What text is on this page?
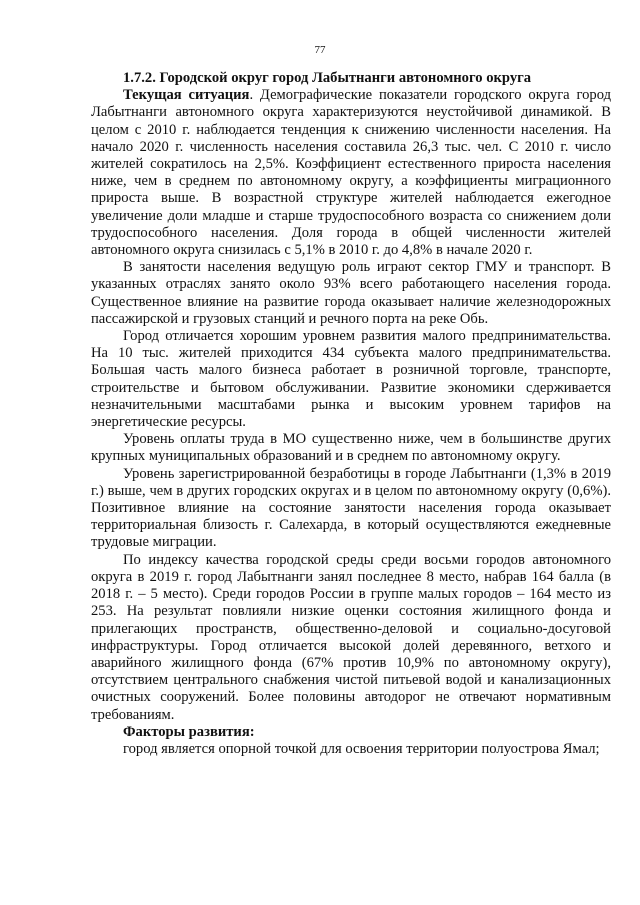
77
1.7.2. Городской округ город Лабытнанги автономного округа

Текущая ситуация. Демографические показатели городского округа город Лабытнанги автономного округа характеризуются неустойчивой динамикой. В целом с 2010 г. наблюдается тенденция к снижению численности населения. На начало 2020 г. численность населения составила 26,3 тыс. чел. С 2010 г. число жителей сократилось на 2,5%. Коэффициент естественного прироста населения ниже, чем в среднем по автономному округу, а коэффициенты миграционного прироста выше. В возрастной структуре жителей наблюдается ежегодное увеличение доли младше и старше трудоспособного возраста со снижением доли трудоспособного населения. Доля города в общей численности жителей автономного округа снизилась с 5,1% в 2010 г. до 4,8% в начале 2020 г.

В занятости населения ведущую роль играют сектор ГМУ и транспорт. В указанных отраслях занято около 93% всего работающего населения города. Существенное влияние на развитие города оказывает наличие железнодорожных пассажирской и грузовых станций и речного порта на реке Обь.

Город отличается хорошим уровнем развития малого предпринимательства. На 10 тыс. жителей приходится 434 субъекта малого предпринимательства. Большая часть малого бизнеса работает в розничной торговле, транспорте, строительстве и бытовом обслуживании. Развитие экономики сдерживается незначительными масштабами рынка и высоким уровнем тарифов на энергетические ресурсы.

Уровень оплаты труда в МО существенно ниже, чем в большинстве других крупных муниципальных образований и в среднем по автономному округу.

Уровень зарегистрированной безработицы в городе Лабытнанги (1,3% в 2019 г.) выше, чем в других городских округах и в целом по автономному округу (0,6%). Позитивное влияние на состояние занятости населения города оказывает территориальная близость г. Салехарда, в который осуществляются ежедневные трудовые миграции.

По индексу качества городской среды среди восьми городов автономного округа в 2019 г. город Лабытнанги занял последнее 8 место, набрав 164 балла (в 2018 г. – 5 место). Среди городов России в группе малых городов – 164 место из 253. На результат повлияли низкие оценки состояния жилищного фонда и прилегающих пространств, общественно-деловой и социально-досуговой инфраструктуры. Город отличается высокой долей деревянного, ветхого и аварийного жилищного фонда (67% против 10,9% по автономному округу), отсутствием центрального снабжения чистой питьевой водой и канализационных очистных сооружений. Более половины автодорог не отвечают нормативным требованиям.

Факторы развития:

город является опорной точкой для освоения территории полуострова Ямал;
